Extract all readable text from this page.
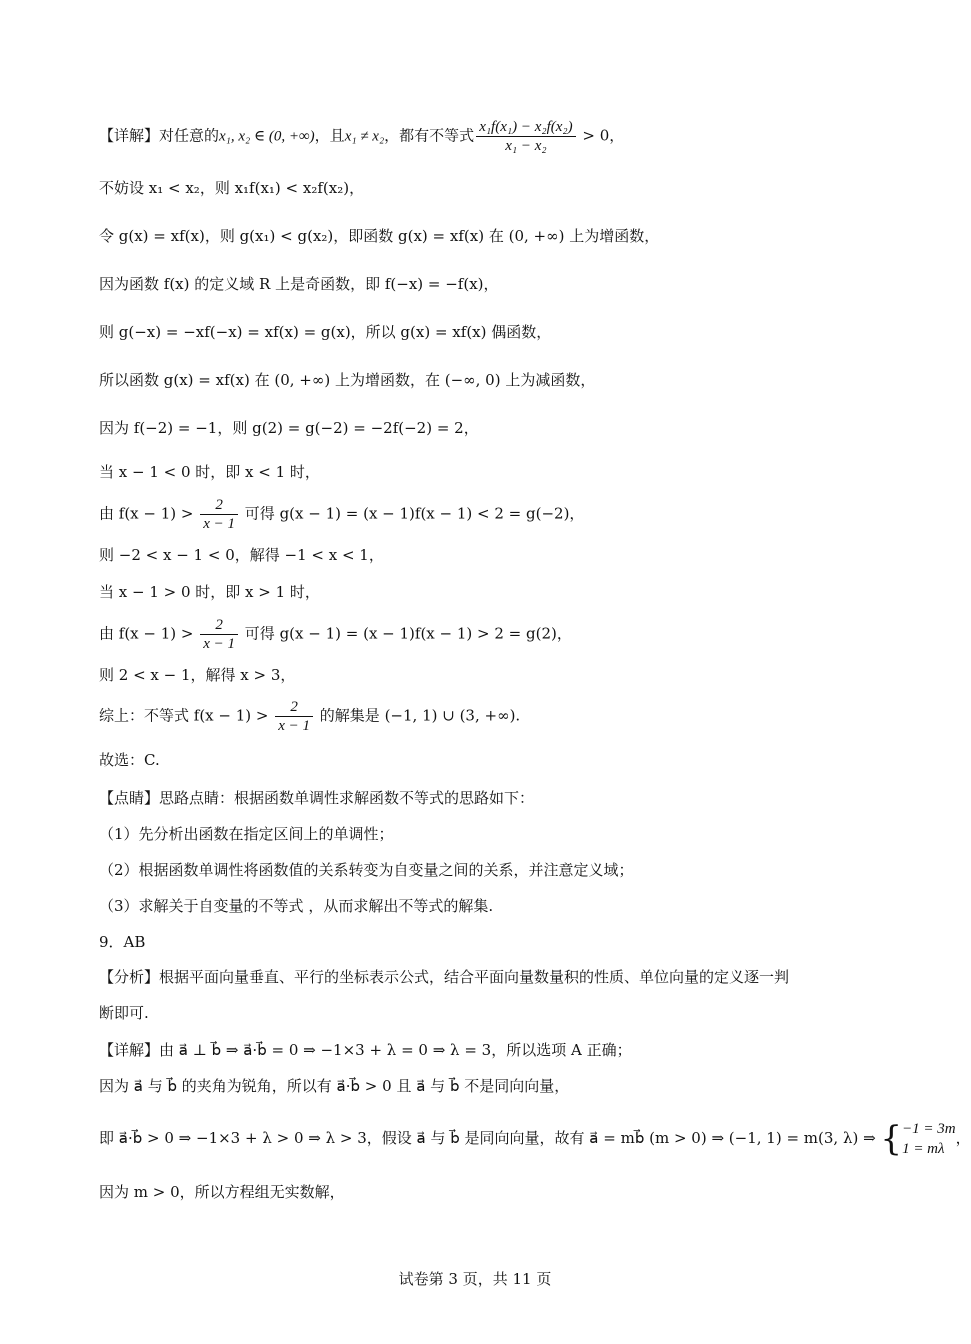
【详解】对任意的x₁, x₂ ∈ (0, +∞)，且x₁ ≠ x₂，都有不等式 $\frac{\text{x₁f(x₁) − x₂f(x₂)}}{\text{x₁ − x₂}} > 0$，
不妨设 x₁ < x₂，则 x₁f(x₁) < x₂f(x₂)，
令 g(x) = xf(x)，则 g(x₁) < g(x₂)，即函数 g(x) = xf(x) 在 (0, +∞) 上为增函数，
因为函数 f(x) 的定义域 R 上是奇函数，即 f(−x) = −f(x)，
则 g(−x) = −xf(−x) = xf(x) = g(x)，所以 g(x) = xf(x) 偶函数，
所以函数 g(x) = xf(x) 在 (0, +∞) 上为增函数，在 (−∞, 0) 上为减函数，
因为 f(−2) = −1，则 g(2) = g(−2) = −2f(−2) = 2，
当 x − 1 < 0 时，即 x < 1 时，
由 $f(x - 1) > \frac{2}{x - 1}$ 可得 g(x − 1) = (x − 1)f(x − 1) < 2 = g(−2)，
则 −2 < x − 1 < 0，解得 −1 < x < 1，
当 x − 1 > 0 时，即 x > 1 时，
由 $f(x - 1) > \frac{2}{x - 1}$ 可得 g(x − 1) = (x − 1)f(x − 1) > 2 = g(2)，
则 2 < x − 1，解得 x > 3，
综上：不等式 $f(x - 1) > \frac{2}{x - 1}$ 的解集是 (−1, 1) ∪ (3, +∞).
故选：C.
【点睛】思路点睛：根据函数单调性求解函数不等式的思路如下：
（1）先分析出函数在指定区间上的单调性；
（2）根据函数单调性将函数值的关系转变为自变量之间的关系，并注意定义域；
（3）求解关于自变量的不等式 ，从而求解出不等式的解集.
9．AB
【分析】根据平面向量垂直、平行的坐标表示公式，结合平面向量数量积的性质、单位向量的定义逐一判
断即可.
【详解】由 a⃗ ⊥ b⃗ ⇒ a⃗·b⃗ = 0 ⇒ −1×3 + λ = 0 ⇒ λ = 3，所以选项 A 正确；
因为 a⃗ 与 b⃗ 的夹角为锐角，所以有 a⃗·b⃗ > 0 且 a⃗ 与 b⃗ 不是同向向量，
即 a⃗·b⃗ > 0 ⇒ −1×3 + λ > 0 ⇒ λ > 3，假设 a⃗ 与 b⃗ 是同向向量，故有 a⃗ = mb⃗ (m > 0) ⇒ (−1, 1) = m(3, λ) ⇒ { −1 = 3m
1 = mλ
，
因为 m > 0，所以方程组无实数解，
试卷第 3 页，共 11 页
